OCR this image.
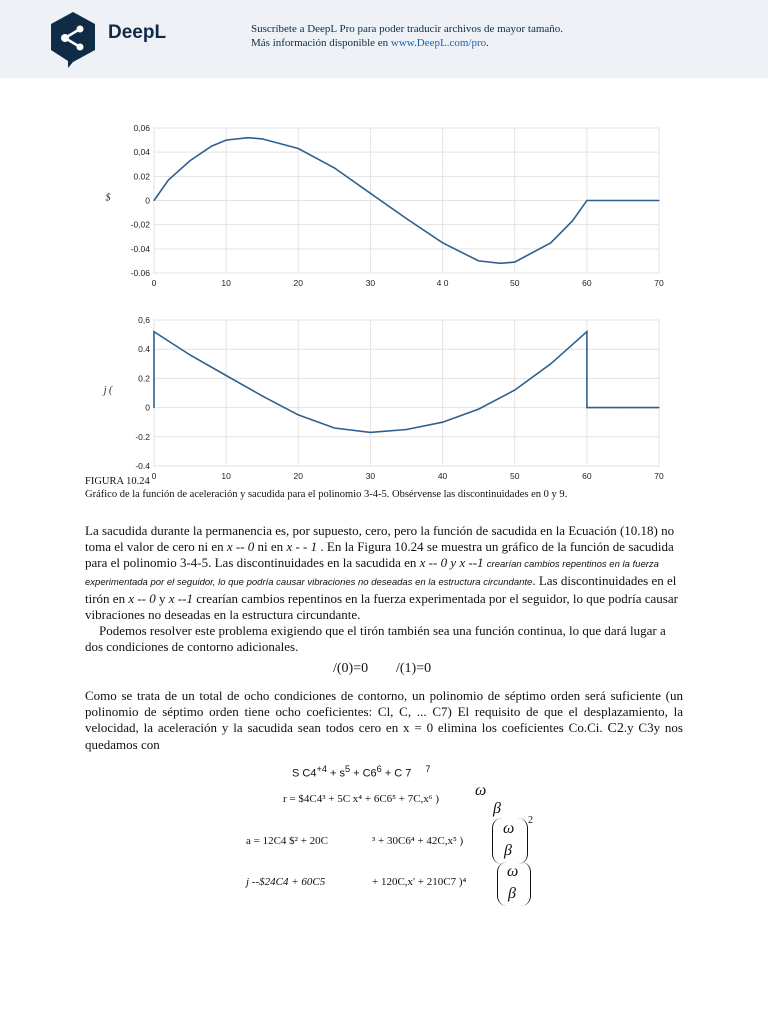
DeepL	Suscríbete a DeepL Pro para poder traducir archivos de mayor tamaño.
Más información disponible en www.DeepL.com/pro.
0	10	20	30	4 0	50	60	70
0,06
0,04
0.02
0
-0,02
-0.04
-0.06
$
0	10	20	30	40	50	60	70
0,6
0.4
0.2
0
-0.2
-0.4
j (
FIGURA 10.24
Gráfico de la función de aceleración y sacudida para el polinomio 3-4-5. Obsérvense las discontinuidades en 0 y 9.
La sacudida durante la permanencia es, por supuesto, cero, pero la función de sacudida en la Ecuación (10.18) no toma el valor de cero ni en x -- 0 ni en x - - 1 . En la Figura 10.24 se muestra un gráfico de la función de sacudida para el polinomio 3-4-5. Las discontinuidades en la sacudida en x -- 0 y x --1 crearían cambios repentinos en la fuerza experimentada por el seguidor, lo que podría causar vibraciones no deseadas en la estructura circundante. Las discontinuidades en el tirón en x -- 0 y x --1 crearían cambios repentinos en la fuerza experimentada por el seguidor, lo que podría causar vibraciones no deseadas en la estructura circundante.
Podemos resolver este problema exigiendo que el tirón también sea una función continua, lo que dará lugar a dos condiciones de contorno adicionales.
/(0)=0 /(1)=0
Como se trata de un total de ocho condiciones de contorno, un polinomio de séptimo orden será suficiente (un polinomio de séptimo orden tiene ocho coeficientes: Cl, C, ... C7) El requisito de que el desplazamiento, la velocidad, la aceleración y la sacudida sean todos cero en x = 0 elimina los coeficientes Co.Ci. C2.y C3y nos quedamos con
S $C4^{+4} + s^5 + C6^6 + C$ 7 $^7$
r = $4C4³ + 5C x⁴ + 6C6⁵ + 7C,x⁶ ) ω
β
a = 12C4 $² + 20C	³ + 30C6⁴ + 42C,x⁵ )
ω
β
2
j --$24C4 + 60C5	+ 120C,x' + 210C7 )⁴
ω
β
